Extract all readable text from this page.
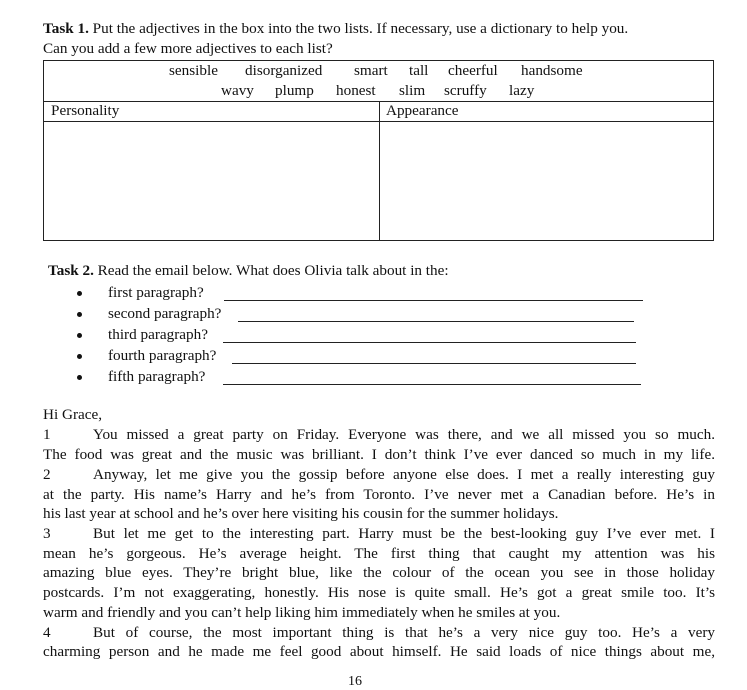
Task 1. Put the adjectives in the box into the two lists. If necessary, use a dictionary to help you.
Can you add a few more adjectives to each list?
sensible disorganized smart tall cheerful handsome
wavy plump honest slim scruffy lazy
Personality	Appearance
Task 2. Read the email below. What does Olivia talk about in the:
first paragraph?
second paragraph?
third paragraph?
fourth paragraph?
fifth paragraph?
Hi Grace,
1	You missed a great party on Friday. Everyone was there, and we all missed you so much.
The food was great and the music was brilliant. I don’t think I’ve ever danced so much in my life.
2	Anyway, let me give you the gossip before anyone else does. I met a really interesting guy
at the party. His name’s Harry and he’s from Toronto. I’ve never met a Canadian before. He’s in
his last year at school and he’s over here visiting his cousin for the summer holidays.
3	But let me get to the interesting part. Harry must be the best-looking guy I’ve ever met. I
mean he’s gorgeous. He’s average height. The first thing that caught my attention was his
amazing blue eyes. They’re bright blue, like the colour of the ocean you see in those holiday
postcards. I’m not exaggerating, honestly. His nose is quite small. He’s got a great smile too. It’s
warm and friendly and you can’t help liking him immediately when he smiles at you.
4	But of course, the most important thing is that he’s a very nice guy too. He’s a very
charming person and he made me feel good about himself. He said loads of nice things about me,
16
